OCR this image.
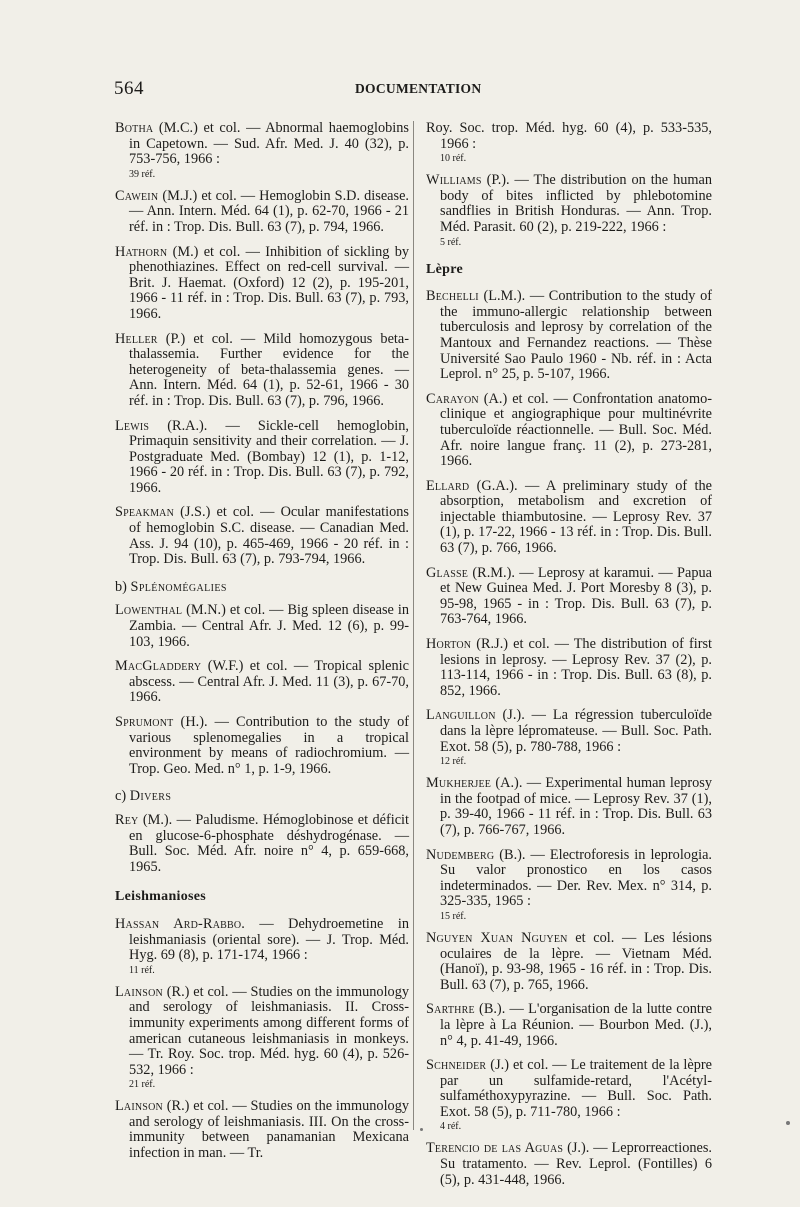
564	DOCUMENTATION

Botha (M.C.) et col. — Abnormal haemoglobins in Capetown. — Sud. Afr. Med. J. 40 (32), p. 753-756, 1966 :
39 réf.

Cawein (M.J.) et col. — Hemoglobin S.D. disease. — Ann. Intern. Méd. 64 (1), p. 62-70, 1966 - 21 réf. in : Trop. Dis. Bull. 63 (7), p. 794, 1966.

Hathorn (M.) et col. — Inhibition of sickling by phenothiazines. Effect on red-cell survival. — Brit. J. Haemat. (Oxford) 12 (2), p. 195-201, 1966 - 11 réf. in : Trop. Dis. Bull. 63 (7), p. 793, 1966.

Heller (P.) et col. — Mild homozygous beta-thalassemia. Further evidence for the heterogeneity of beta-thalassemia genes. — Ann. Intern. Méd. 64 (1), p. 52-61, 1966 - 30 réf. in : Trop. Dis. Bull. 63 (7), p. 796, 1966.

Lewis (R.A.). — Sickle-cell hemoglobin, Primaquin sensitivity and their correlation. — J. Postgraduate Med. (Bombay) 12 (1), p. 1-12, 1966 - 20 réf. in : Trop. Dis. Bull. 63 (7), p. 792, 1966.

Speakman (J.S.) et col. — Ocular manifestations of hemoglobin S.C. disease. — Canadian Med. Ass. J. 94 (10), p. 465-469, 1966 - 20 réf. in : Trop. Dis. Bull. 63 (7), p. 793-794, 1966.

b) Splénomégalies

Lowenthal (M.N.) et col. — Big spleen disease in Zambia. — Central Afr. J. Med. 12 (6), p. 99-103, 1966.

MacGladdery (W.F.) et col. — Tropical splenic abscess. — Central Afr. J. Med. 11 (3), p. 67-70, 1966.

Sprumont (H.). — Contribution to the study of various splenomegalies in a tropical environment by means of radiochromium. — Trop. Geo. Med. n° 1, p. 1-9, 1966.

c) Divers

Rey (M.). — Paludisme. Hémoglobinose et déficit en glucose-6-phosphate déshydrogénase. — Bull. Soc. Méd. Afr. noire n° 4, p. 659-668, 1965.

Leishmanioses

Hassan Ard-Rabbo. — Dehydroemetine in leishmaniasis (oriental sore). — J. Trop. Méd. Hyg. 69 (8), p. 171-174, 1966 :
11 réf.

Lainson (R.) et col. — Studies on the immunology and serology of leishmaniasis. II. Cross-immunity experiments among different forms of american cutaneous leishmaniasis in monkeys. — Tr. Roy. Soc. trop. Méd. hyg. 60 (4), p. 526-532, 1966 :
21 réf.

Lainson (R.) et col. — Studies on the immunology and serology of leishmaniasis. III. On the cross-immunity between panamanian Mexicana infection in man. — Tr.

Roy. Soc. trop. Méd. hyg. 60 (4), p. 533-535, 1966 :
10 réf.

Williams (P.). — The distribution on the human body of bites inflicted by phlebotomine sandflies in British Honduras. — Ann. Trop. Méd. Parasit. 60 (2), p. 219-222, 1966 :
5 réf.

Lèpre

Bechelli (L.M.). — Contribution to the study of the immuno-allergic relationship between tuberculosis and leprosy by correlation of the Mantoux and Fernandez reactions. — Thèse Université Sao Paulo 1960 - Nb. réf. in : Acta Leprol. n° 25, p. 5-107, 1966.

Carayon (A.) et col. — Confrontation anatomo-clinique et angiographique pour multinévrite tuberculoïde réactionnelle. — Bull. Soc. Méd. Afr. noire langue franç. 11 (2), p. 273-281, 1966.

Ellard (G.A.). — A preliminary study of the absorption, metabolism and excretion of injectable thiambutosine. — Leprosy Rev. 37 (1), p. 17-22, 1966 - 13 réf. in : Trop. Dis. Bull. 63 (7), p. 766, 1966.

Glasse (R.M.). — Leprosy at karamui. — Papua et New Guinea Med. J. Port Moresby 8 (3), p. 95-98, 1965 - in : Trop. Dis. Bull. 63 (7), p. 763-764, 1966.

Horton (R.J.) et col. — The distribution of first lesions in leprosy. — Leprosy Rev. 37 (2), p. 113-114, 1966 - in : Trop. Dis. Bull. 63 (8), p. 852, 1966.

Languillon (J.). — La régression tuberculoïde dans la lèpre lépromateuse. — Bull. Soc. Path. Exot. 58 (5), p. 780-788, 1966 :
12 réf.

Mukherjee (A.). — Experimental human leprosy in the footpad of mice. — Leprosy Rev. 37 (1), p. 39-40, 1966 - 11 réf. in : Trop. Dis. Bull. 63 (7), p. 766-767, 1966.

Nudemberg (B.). — Electroforesis in leprologia. Su valor pronostico en los casos indeterminados. — Der. Rev. Mex. n° 314, p. 325-335, 1965 :
15 réf.

Nguyen Xuan Nguyen et col. — Les lésions oculaires de la lèpre. — Vietnam Méd. (Hanoï), p. 93-98, 1965 - 16 réf. in : Trop. Dis. Bull. 63 (7), p. 765, 1966.

Sarthre (B.). — L'organisation de la lutte contre la lèpre à La Réunion. — Bourbon Med. (J.), n° 4, p. 41-49, 1966.

Schneider (J.) et col. — Le traitement de la lèpre par un sulfamide-retard, l'Acétyl-sulfaméthoxypyrazine. — Bull. Soc. Path. Exot. 58 (5), p. 711-780, 1966 :
4 réf.

Terencio de las Aguas (J.). — Leprorreactiones. Su tratamento. — Rev. Leprol. (Fontilles) 6 (5), p. 431-448, 1966.
